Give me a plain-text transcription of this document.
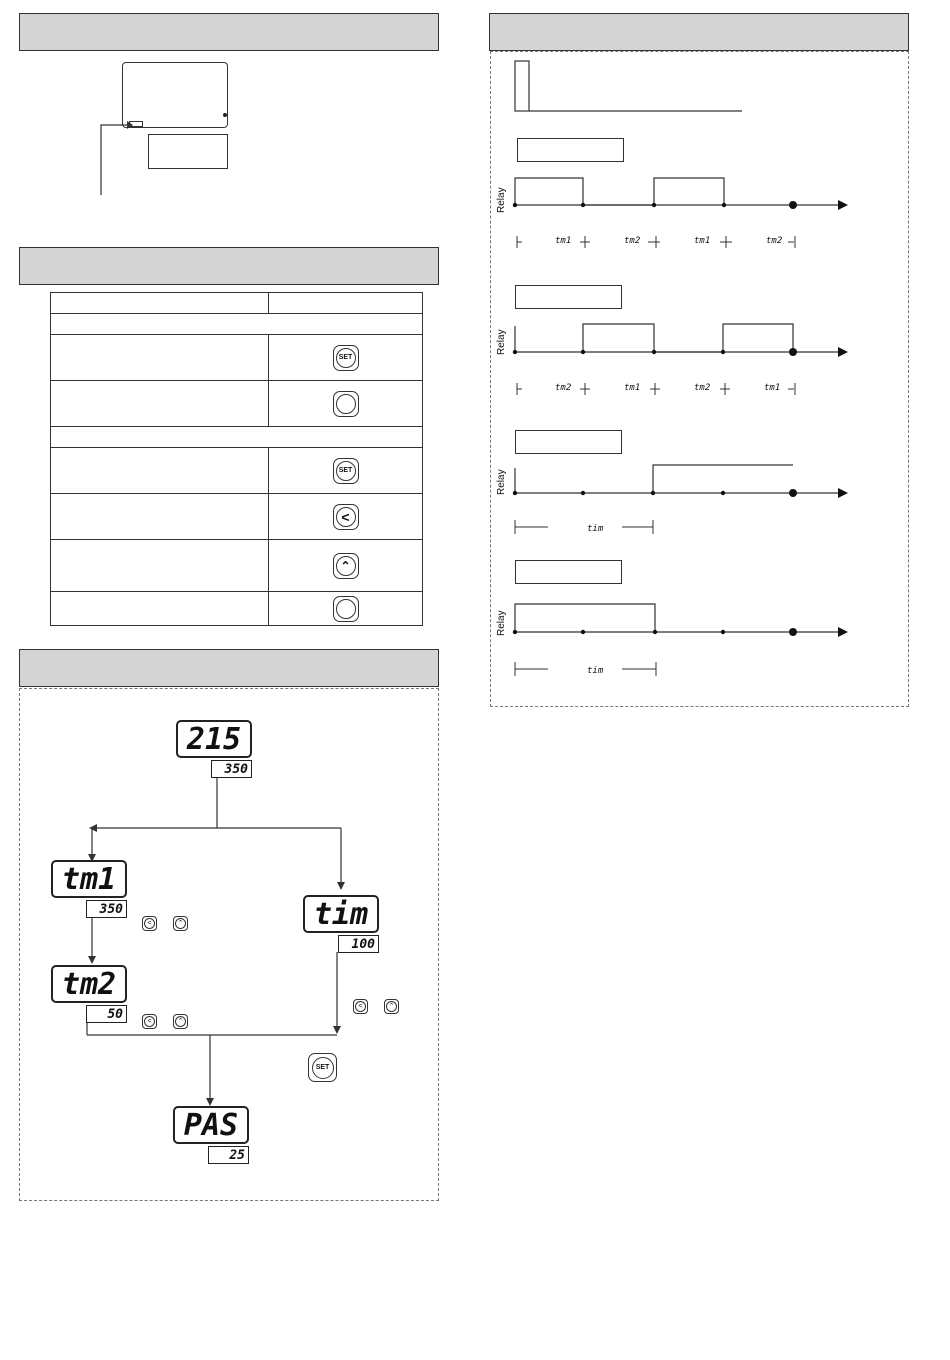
SET

SET

<

⌃

215
350
tm1
350
<	⌃
tm2
50	<	⌃
tim
100
<	⌃
SET
PAS
25
Relay
tm1	tm2	tm1	tm2
Relay
tm2	tm1	tm2	tm1
Relay
tim
Relay
tim
